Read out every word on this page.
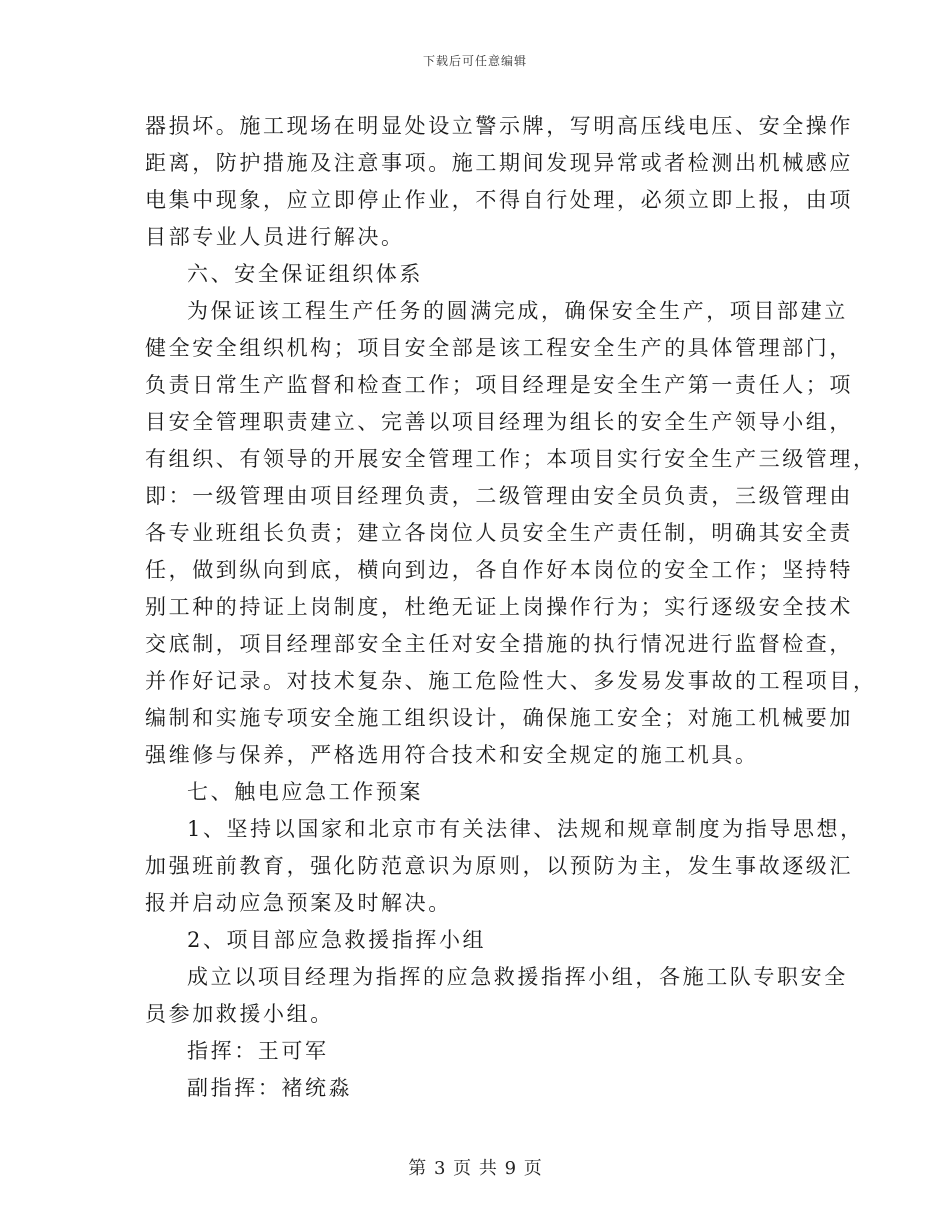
下载后可任意编辑

器损坏。施工现场在明显处设立警示牌，写明高压线电压、安全操作
距离，防护措施及注意事项。施工期间发现异常或者检测出机械感应
电集中现象，应立即停止作业，不得自行处理，必须立即上报，由项
目部专业人员进行解决。

六、安全保证组织体系

为保证该工程生产任务的圆满完成，确保安全生产，项目部建立
健全安全组织机构；项目安全部是该工程安全生产的具体管理部门，
负责日常生产监督和检查工作；项目经理是安全生产第一责任人；项
目安全管理职责建立、完善以项目经理为组长的安全生产领导小组，
有组织、有领导的开展安全管理工作；本项目实行安全生产三级管理，
即：一级管理由项目经理负责，二级管理由安全员负责，三级管理由
各专业班组长负责；建立各岗位人员安全生产责任制，明确其安全责
任，做到纵向到底，横向到边，各自作好本岗位的安全工作；坚持特
别工种的持证上岗制度，杜绝无证上岗操作行为；实行逐级安全技术
交底制，项目经理部安全主任对安全措施的执行情况进行监督检查，
并作好记录。对技术复杂、施工危险性大、多发易发事故的工程项目，
编制和实施专项安全施工组织设计，确保施工安全；对施工机械要加
强维修与保养，严格选用符合技术和安全规定的施工机具。

七、触电应急工作预案

1、坚持以国家和北京市有关法律、法规和规章制度为指导思想，
加强班前教育，强化防范意识为原则，以预防为主，发生事故逐级汇
报并启动应急预案及时解决。

2、项目部应急救援指挥小组

成立以项目经理为指挥的应急救援指挥小组，各施工队专职安全
员参加救援小组。

指挥：王可军

副指挥：褚统淼

第 3 页 共 9 页
